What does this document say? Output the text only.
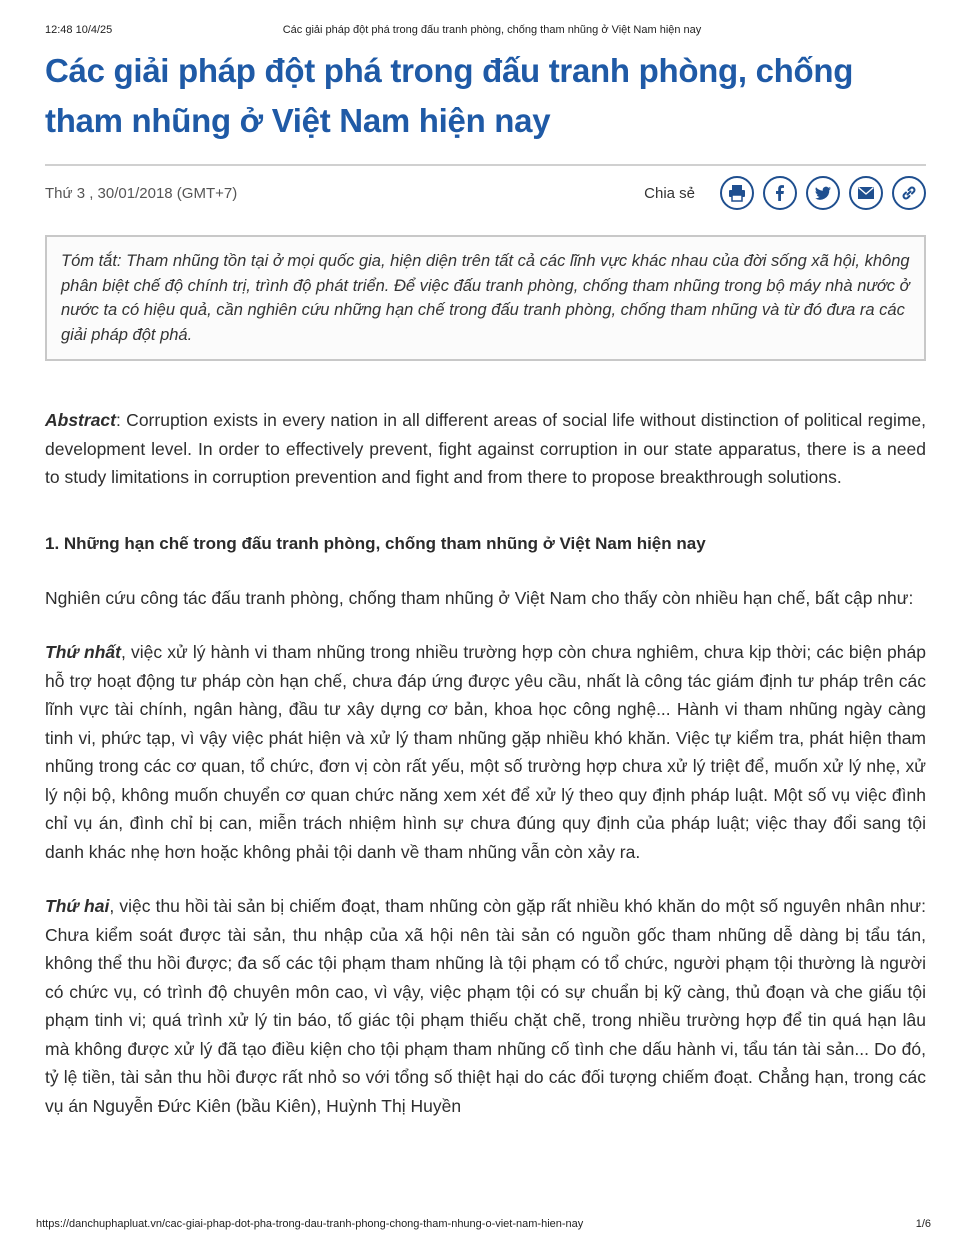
12:48 10/4/25	Các giải pháp đột phá trong đấu tranh phòng, chống tham nhũng ở Việt Nam hiện nay
Các giải pháp đột phá trong đấu tranh phòng, chống tham nhũng ở Việt Nam hiện nay
Thứ 3 , 30/01/2018 (GMT+7)	Chia sẻ
Tóm tắt: Tham nhũng tồn tại ở mọi quốc gia, hiện diện trên tất cả các lĩnh vực khác nhau của đời sống xã hội, không phân biệt chế độ chính trị, trình độ phát triển. Để việc đấu tranh phòng, chống tham nhũng trong bộ máy nhà nước ở nước ta có hiệu quả, cần nghiên cứu những hạn chế trong đấu tranh phòng, chống tham nhũng và từ đó đưa ra các giải pháp đột phá.

Abstract: Corruption exists in every nation in all different areas of social life without distinction of political regime, development level. In order to effectively prevent, fight against corruption in our state apparatus, there is a need to study limitations in corruption prevention and fight and from there to propose breakthrough solutions.

1. Những hạn chế trong đấu tranh phòng, chống tham nhũng ở Việt Nam hiện nay

Nghiên cứu công tác đấu tranh phòng, chống tham nhũng ở Việt Nam cho thấy còn nhiều hạn chế, bất cập như:

Thứ nhất, việc xử lý hành vi tham nhũng trong nhiều trường hợp còn chưa nghiêm, chưa kịp thời; các biện pháp hỗ trợ hoạt động tư pháp còn hạn chế, chưa đáp ứng được yêu cầu, nhất là công tác giám định tư pháp trên các lĩnh vực tài chính, ngân hàng, đầu tư xây dựng cơ bản, khoa học công nghệ... Hành vi tham nhũng ngày càng tinh vi, phức tạp, vì vậy việc phát hiện và xử lý tham nhũng gặp nhiều khó khăn. Việc tự kiểm tra, phát hiện tham nhũng trong các cơ quan, tổ chức, đơn vị còn rất yếu, một số trường hợp chưa xử lý triệt để, muốn xử lý nhẹ, xử lý nội bộ, không muốn chuyển cơ quan chức năng xem xét để xử lý theo quy định pháp luật. Một số vụ việc đình chỉ vụ án, đình chỉ bị can, miễn trách nhiệm hình sự chưa đúng quy định của pháp luật; việc thay đổi sang tội danh khác nhẹ hơn hoặc không phải tội danh về tham nhũng vẫn còn xảy ra.

Thứ hai, việc thu hồi tài sản bị chiếm đoạt, tham nhũng còn gặp rất nhiều khó khăn do một số nguyên nhân như: Chưa kiểm soát được tài sản, thu nhập của xã hội nên tài sản có nguồn gốc tham nhũng dễ dàng bị tẩu tán, không thể thu hồi được; đa số các tội phạm tham nhũng là tội phạm có tổ chức, người phạm tội thường là người có chức vụ, có trình độ chuyên môn cao, vì vậy, việc phạm tội có sự chuẩn bị kỹ càng, thủ đoạn và che giấu tội phạm tinh vi; quá trình xử lý tin báo, tố giác tội phạm thiếu chặt chẽ, trong nhiều trường hợp để tin quá hạn lâu mà không được xử lý đã tạo điều kiện cho tội phạm tham nhũng cố tình che dấu hành vi, tẩu tán tài sản... Do đó, tỷ lệ tiền, tài sản thu hồi được rất nhỏ so với tổng số thiệt hại do các đối tượng chiếm đoạt. Chẳng hạn, trong các vụ án Nguyễn Đức Kiên (bầu Kiên), Huỳnh Thị Huyền

https://danchuphapluat.vn/cac-giai-phap-dot-pha-trong-dau-tranh-phong-chong-tham-nhung-o-viet-nam-hien-nay	1/6
